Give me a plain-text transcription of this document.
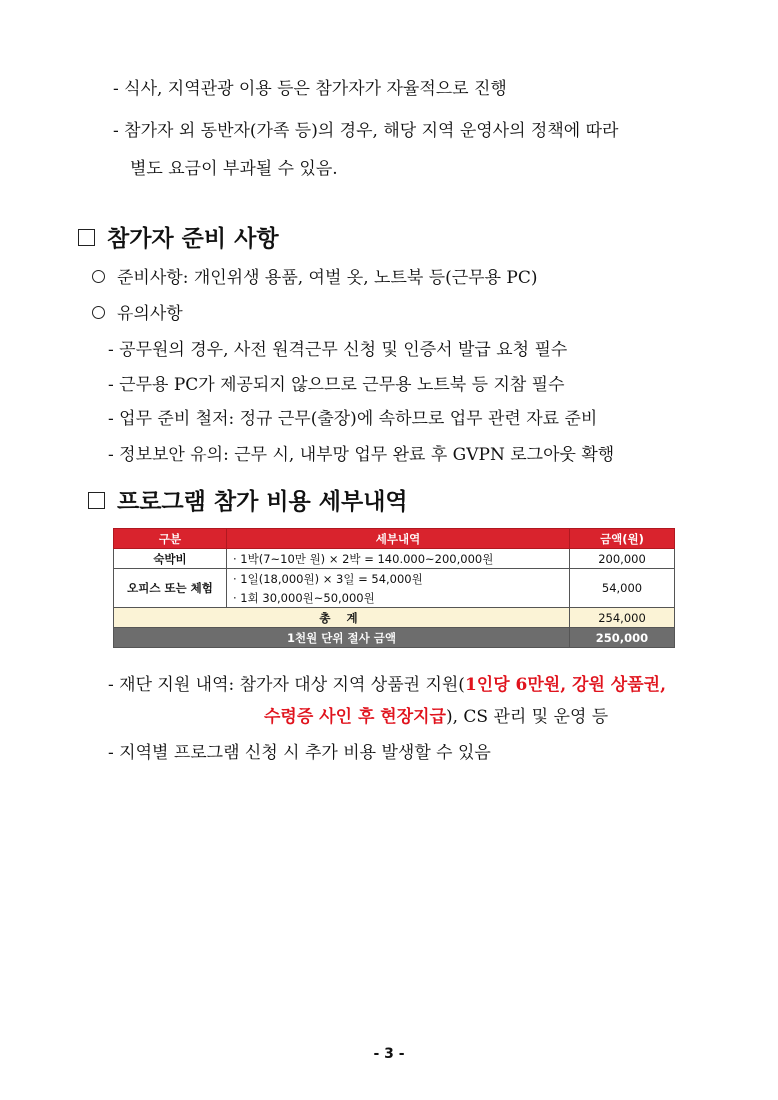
- 식사, 지역관광 이용 등은 참가자가 자율적으로 진행
- 참가자 외 동반자(가족 등)의 경우, 해당 지역 운영사의 정책에 따라
별도 요금이 부과될 수 있음.
참가자 준비 사항
준비사항: 개인위생 용품, 여벌 옷, 노트북 등(근무용 PC)
유의사항
- 공무원의 경우, 사전 원격근무 신청 및 인증서 발급 요청 필수
- 근무용 PC가 제공되지 않으므로 근무용 노트북 등 지참 필수
- 업무 준비 철저: 정규 근무(출장)에 속하므로 업무 관련 자료 준비
- 정보보안 유의: 근무 시, 내부망 업무 완료 후 GVPN 로그아웃 확행
프로그램 참가 비용 세부내역
구분	세부내역	금액(원)
숙박비	· 1박(7~10만 원) × 2박 = 140.000~200,000원	200,000
오피스 또는 체험	· 1일(18,000원) × 3일 = 54,000원	54,000
	· 1회 30,000원~50,000원	
총 계		254,000
1천원 단위 절사 금액		250,000
- 재단 지원 내역: 참가자 대상 지역 상품권 지원(1인당 6만원, 강원 상품권,
수령증 사인 후 현장지급), CS 관리 및 운영 등
- 지역별 프로그램 신청 시 추가 비용 발생할 수 있음
- 3 -
